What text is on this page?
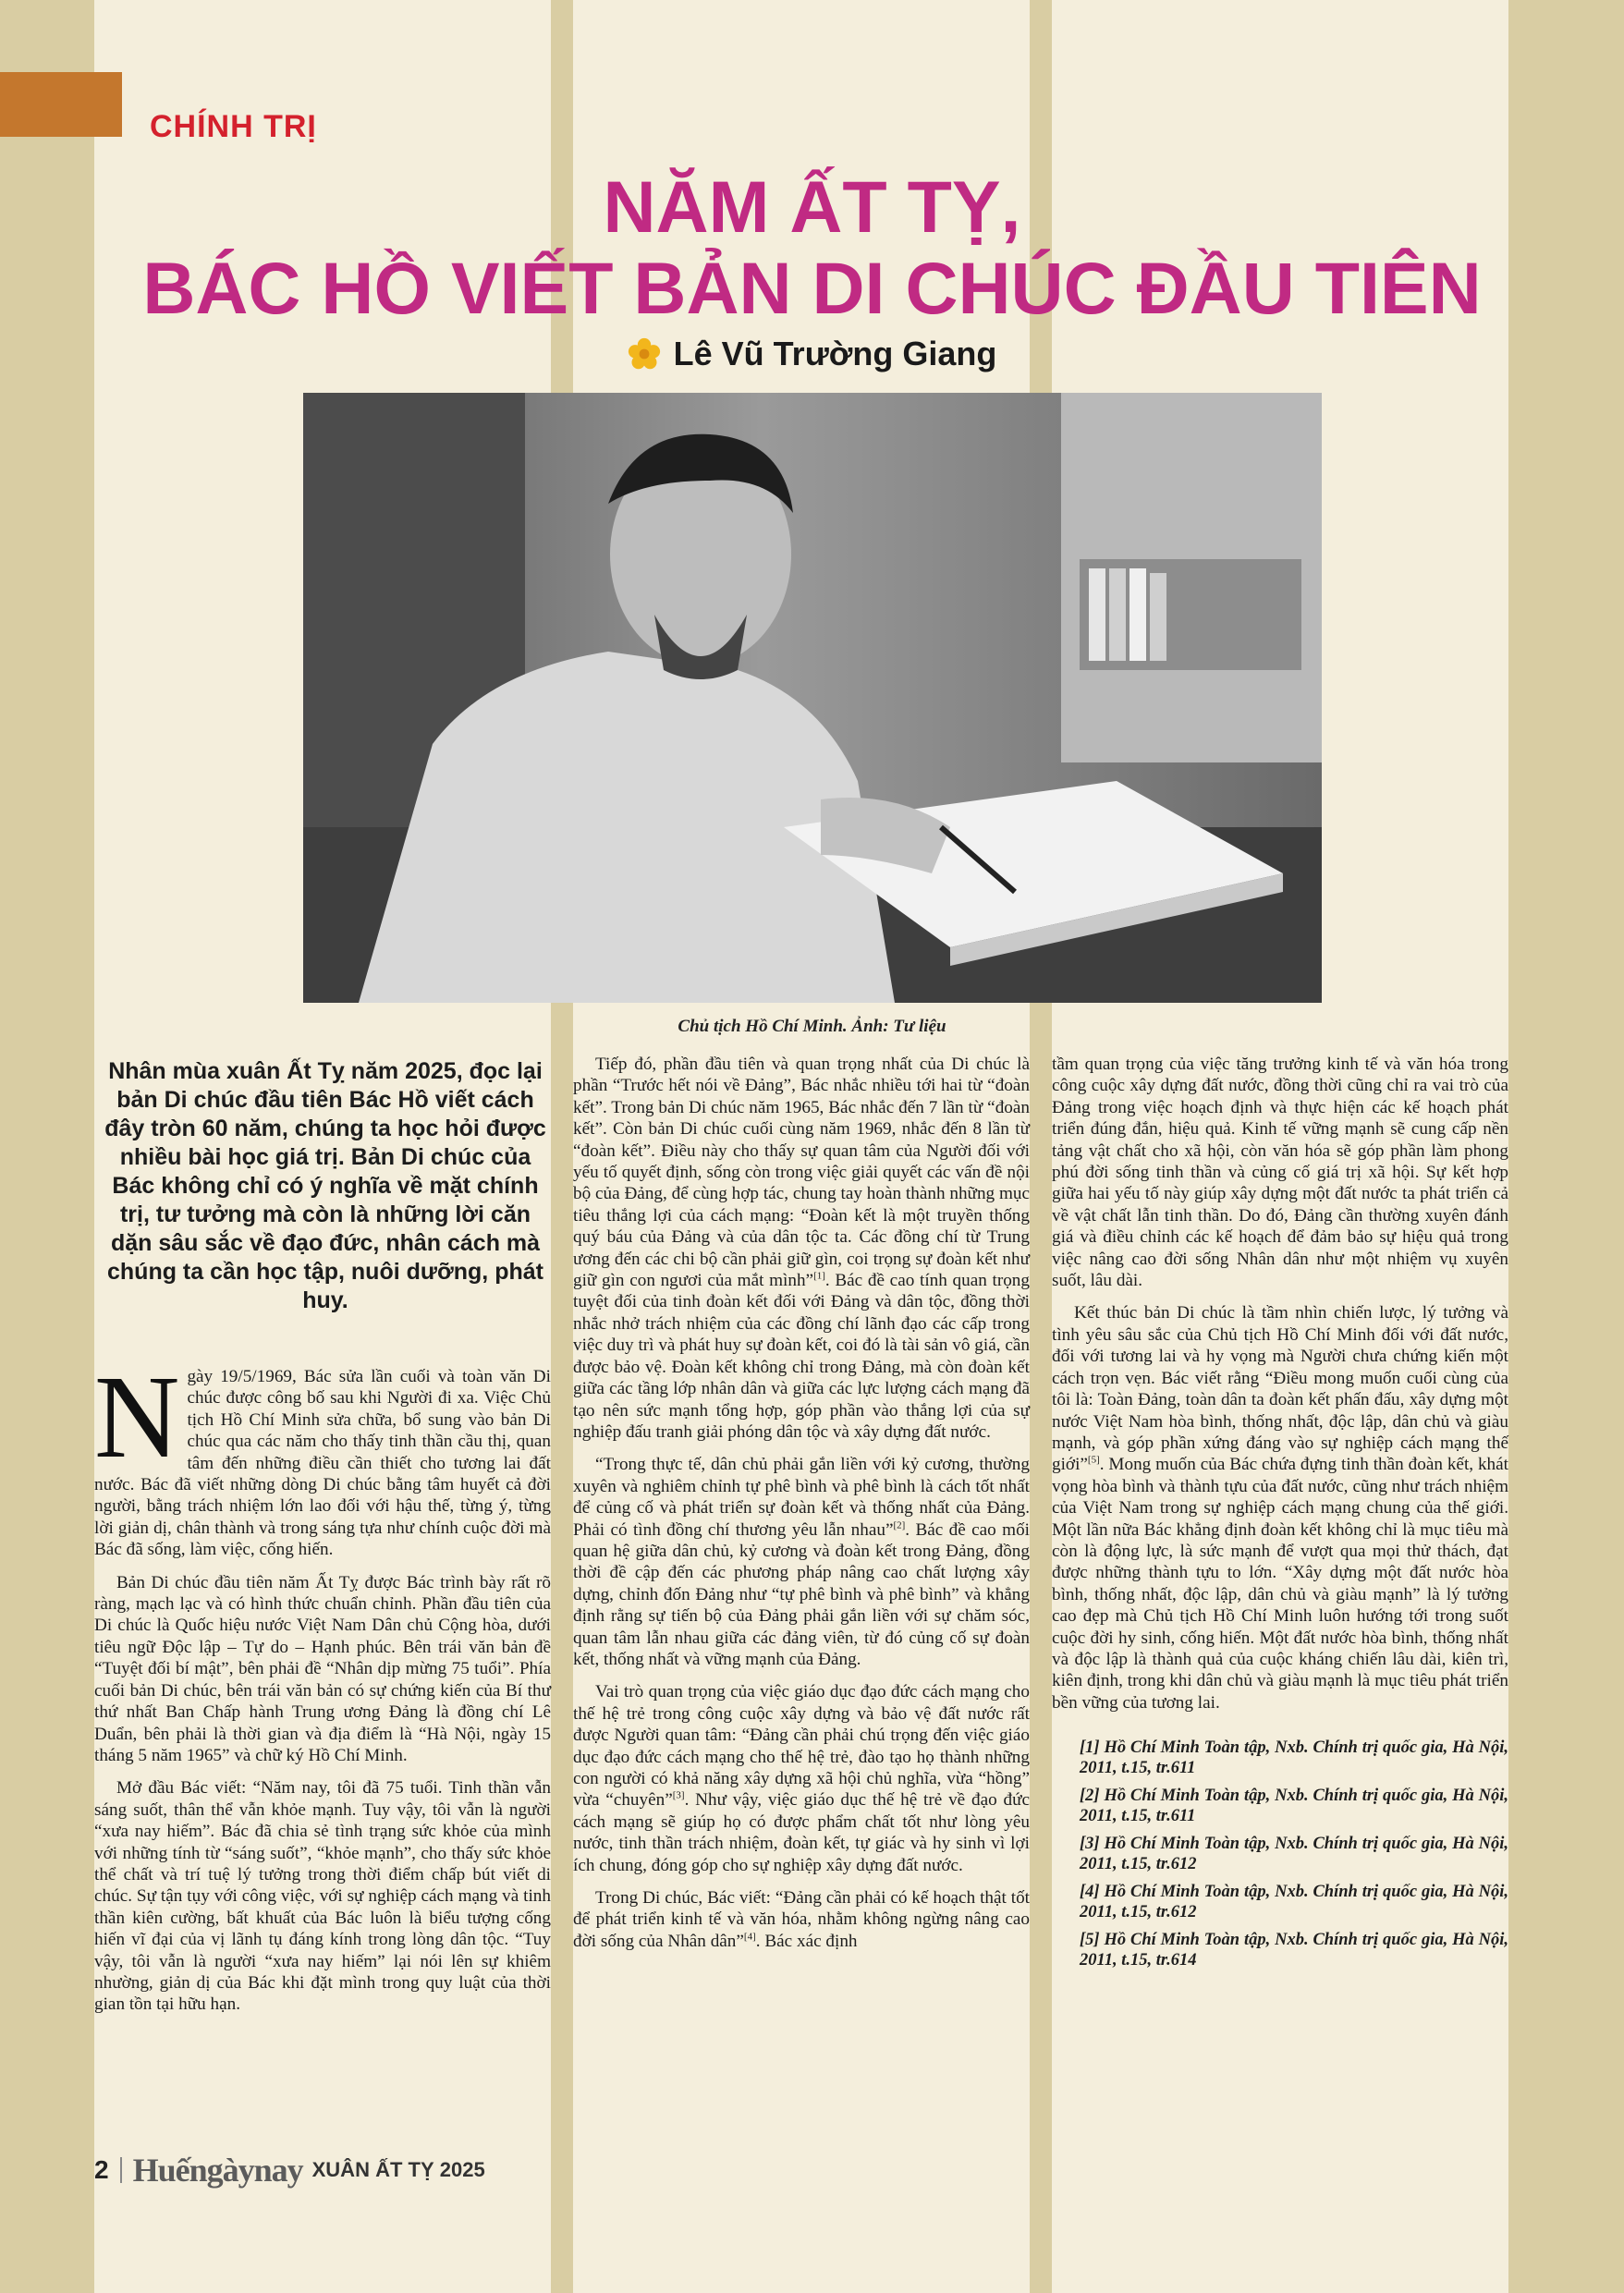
CHÍNH TRỊ
NĂM ẤT TỴ,
BÁC HỒ VIẾT BẢN DI CHÚC ĐẦU TIÊN
Lê Vũ Trường Giang
Chủ tịch Hồ Chí Minh. Ảnh: Tư liệu
Nhân mùa xuân Ất Tỵ năm 2025, đọc lại bản Di chúc đầu tiên Bác Hồ viết cách đây tròn 60 năm, chúng ta học hỏi được nhiều bài học giá trị. Bản Di chúc của Bác không chỉ có ý nghĩa về mặt chính trị, tư tưởng mà còn là những lời căn dặn sâu sắc về đạo đức, nhân cách mà chúng ta cần học tập, nuôi dưỡng, phát huy.

Ngày 19/5/1969, Bác sửa lần cuối và toàn văn Di chúc được công bố sau khi Người đi xa. Việc Chủ tịch Hồ Chí Minh sửa chữa, bổ sung vào bản Di chúc qua các năm cho thấy tinh thần cầu thị, quan tâm đến những điều cần thiết cho tương lai đất nước. Bác đã viết những dòng Di chúc bằng tâm huyết cả đời người, bằng trách nhiệm lớn lao đối với hậu thế, từng ý, từng lời giản dị, chân thành và trong sáng tựa như chính cuộc đời mà Bác đã sống, làm việc, cống hiến.

Bản Di chúc đầu tiên năm Ất Tỵ được Bác trình bày rất rõ ràng, mạch lạc và có hình thức chuẩn chỉnh. Phần đầu tiên của Di chúc là Quốc hiệu nước Việt Nam Dân chủ Cộng hòa, dưới tiêu ngữ Độc lập – Tự do – Hạnh phúc. Bên trái văn bản đề “Tuyệt đối bí mật”, bên phải đề “Nhân dịp mừng 75 tuổi”. Phía cuối bản Di chúc, bên trái văn bản có sự chứng kiến của Bí thư thứ nhất Ban Chấp hành Trung ương Đảng là đồng chí Lê Duẩn, bên phải là thời gian và địa điểm là “Hà Nội, ngày 15 tháng 5 năm 1965” và chữ ký Hồ Chí Minh.

Mở đầu Bác viết: “Năm nay, tôi đã 75 tuổi. Tinh thần vẫn sáng suốt, thân thể vẫn khỏe mạnh. Tuy vậy, tôi vẫn là người “xưa nay hiếm”. Bác đã chia sẻ tình trạng sức khỏe của mình với những tính từ “sáng suốt”, “khỏe mạnh”, cho thấy sức khỏe thể chất và trí tuệ lý tưởng trong thời điểm chấp bút viết di chúc. Sự tận tụy với công việc, với sự nghiệp cách mạng và tinh thần kiên cường, bất khuất của Bác luôn là biểu tượng cống hiến vĩ đại của vị lãnh tụ đáng kính trong lòng dân tộc. “Tuy vậy, tôi vẫn là người “xưa nay hiếm” lại nói lên sự khiêm nhường, giản dị của Bác khi đặt mình trong quy luật của thời gian tồn tại hữu hạn.

Tiếp đó, phần đầu tiên và quan trọng nhất của Di chúc là phần “Trước hết nói về Đảng”, Bác nhắc nhiều tới hai từ “đoàn kết”. Trong bản Di chúc năm 1965, Bác nhắc đến 7 lần từ “đoàn kết”. Còn bản Di chúc cuối cùng năm 1969, nhắc đến 8 lần từ “đoàn kết”. Điều này cho thấy sự quan tâm của Người đối với yếu tố quyết định, sống còn trong việc giải quyết các vấn đề nội bộ của Đảng, để cùng hợp tác, chung tay hoàn thành những mục tiêu thắng lợi của cách mạng: “Đoàn kết là một truyền thống quý báu của Đảng và của dân tộc ta. Các đồng chí từ Trung ương đến các chi bộ cần phải giữ gìn, coi trọng sự đoàn kết như giữ gìn con ngươi của mắt mình”[1]. Bác đề cao tính quan trọng tuyệt đối của tinh đoàn kết đối với Đảng và dân tộc, đồng thời nhắc nhở trách nhiệm của các đồng chí lãnh đạo các cấp trong việc duy trì và phát huy sự đoàn kết, coi đó là tài sản vô giá, cần được bảo vệ. Đoàn kết không chỉ trong Đảng, mà còn đoàn kết giữa các tầng lớp nhân dân và giữa các lực lượng cách mạng đã tạo nên sức mạnh tổng hợp, góp phần vào thắng lợi của sự nghiệp đấu tranh giải phóng dân tộc và xây dựng đất nước.

“Trong thực tế, dân chủ phải gắn liền với kỷ cương, thường xuyên và nghiêm chỉnh tự phê bình và phê bình là cách tốt nhất để củng cố và phát triển sự đoàn kết và thống nhất của Đảng. Phải có tình đồng chí thương yêu lẫn nhau”[2]. Bác đề cao mối quan hệ giữa dân chủ, kỷ cương và đoàn kết trong Đảng, đồng thời đề cập đến các phương pháp nâng cao chất lượng xây dựng, chỉnh đốn Đảng như “tự phê bình và phê bình” và khẳng định rằng sự tiến bộ của Đảng phải gắn liền với sự chăm sóc, quan tâm lẫn nhau giữa các đảng viên, từ đó củng cố sự đoàn kết, thống nhất và vững mạnh của Đảng.

Vai trò quan trọng của việc giáo dục đạo đức cách mạng cho thế hệ trẻ trong công cuộc xây dựng và bảo vệ đất nước rất được Người quan tâm: “Đảng cần phải chú trọng đến việc giáo dục đạo đức cách mạng cho thế hệ trẻ, đào tạo họ thành những con người có khả năng xây dựng xã hội chủ nghĩa, vừa “hồng” vừa “chuyên”[3]. Như vậy, việc giáo dục thế hệ trẻ về đạo đức cách mạng sẽ giúp họ có được phẩm chất tốt như lòng yêu nước, tinh thần trách nhiệm, đoàn kết, tự giác và hy sinh vì lợi ích chung, đóng góp cho sự nghiệp xây dựng đất nước.

Trong Di chúc, Bác viết: “Đảng cần phải có kế hoạch thật tốt để phát triển kinh tế và văn hóa, nhằm không ngừng nâng cao đời sống của Nhân dân”[4]. Bác xác định

tầm quan trọng của việc tăng trưởng kinh tế và văn hóa trong công cuộc xây dựng đất nước, đồng thời cũng chỉ ra vai trò của Đảng trong việc hoạch định và thực hiện các kế hoạch phát triển đúng đắn, hiệu quả. Kinh tế vững mạnh sẽ cung cấp nền tảng vật chất cho xã hội, còn văn hóa sẽ góp phần làm phong phú đời sống tinh thần và củng cố giá trị xã hội. Sự kết hợp giữa hai yếu tố này giúp xây dựng một đất nước ta phát triển cả về vật chất lẫn tinh thần. Do đó, Đảng cần thường xuyên đánh giá và điều chỉnh các kế hoạch để đảm bảo sự hiệu quả trong việc nâng cao đời sống Nhân dân như một nhiệm vụ xuyên suốt, lâu dài.

Kết thúc bản Di chúc là tầm nhìn chiến lược, lý tưởng và tình yêu sâu sắc của Chủ tịch Hồ Chí Minh đối với đất nước, đối với tương lai và hy vọng mà Người chưa chứng kiến một cách trọn vẹn. Bác viết rằng “Điều mong muốn cuối cùng của tôi là: Toàn Đảng, toàn dân ta đoàn kết phấn đấu, xây dựng một nước Việt Nam hòa bình, thống nhất, độc lập, dân chủ và giàu mạnh, và góp phần xứng đáng vào sự nghiệp cách mạng thế giới”[5]. Mong muốn của Bác chứa đựng tinh thần đoàn kết, khát vọng hòa bình và thành tựu của đất nước, cũng như trách nhiệm của Việt Nam trong sự nghiệp cách mạng chung của thế giới. Một lần nữa Bác khẳng định đoàn kết không chỉ là mục tiêu mà còn là động lực, là sức mạnh để vượt qua mọi thử thách, đạt được những thành tựu to lớn. “Xây dựng một đất nước hòa bình, thống nhất, độc lập, dân chủ và giàu mạnh” là lý tưởng cao đẹp mà Chủ tịch Hồ Chí Minh luôn hướng tới trong suốt cuộc đời hy sinh, cống hiến. Một đất nước hòa bình, thống nhất và độc lập là thành quả của cuộc kháng chiến lâu dài, kiên trì, kiên định, trong khi dân chủ và giàu mạnh là mục tiêu phát triển bền vững của tương lai.

[1] Hồ Chí Minh Toàn tập, Nxb. Chính trị quốc gia, Hà Nội, 2011, t.15, tr.611

[2] Hồ Chí Minh Toàn tập, Nxb. Chính trị quốc gia, Hà Nội, 2011, t.15, tr.611

[3] Hồ Chí Minh Toàn tập, Nxb. Chính trị quốc gia, Hà Nội, 2011, t.15, tr.612

[4] Hồ Chí Minh Toàn tập, Nxb. Chính trị quốc gia, Hà Nội, 2011, t.15, tr.612

[5] Hồ Chí Minh Toàn tập, Nxb. Chính trị quốc gia, Hà Nội, 2011, t.15, tr.614

2 Huếngàynay XUÂN ẤT TỴ 2025
